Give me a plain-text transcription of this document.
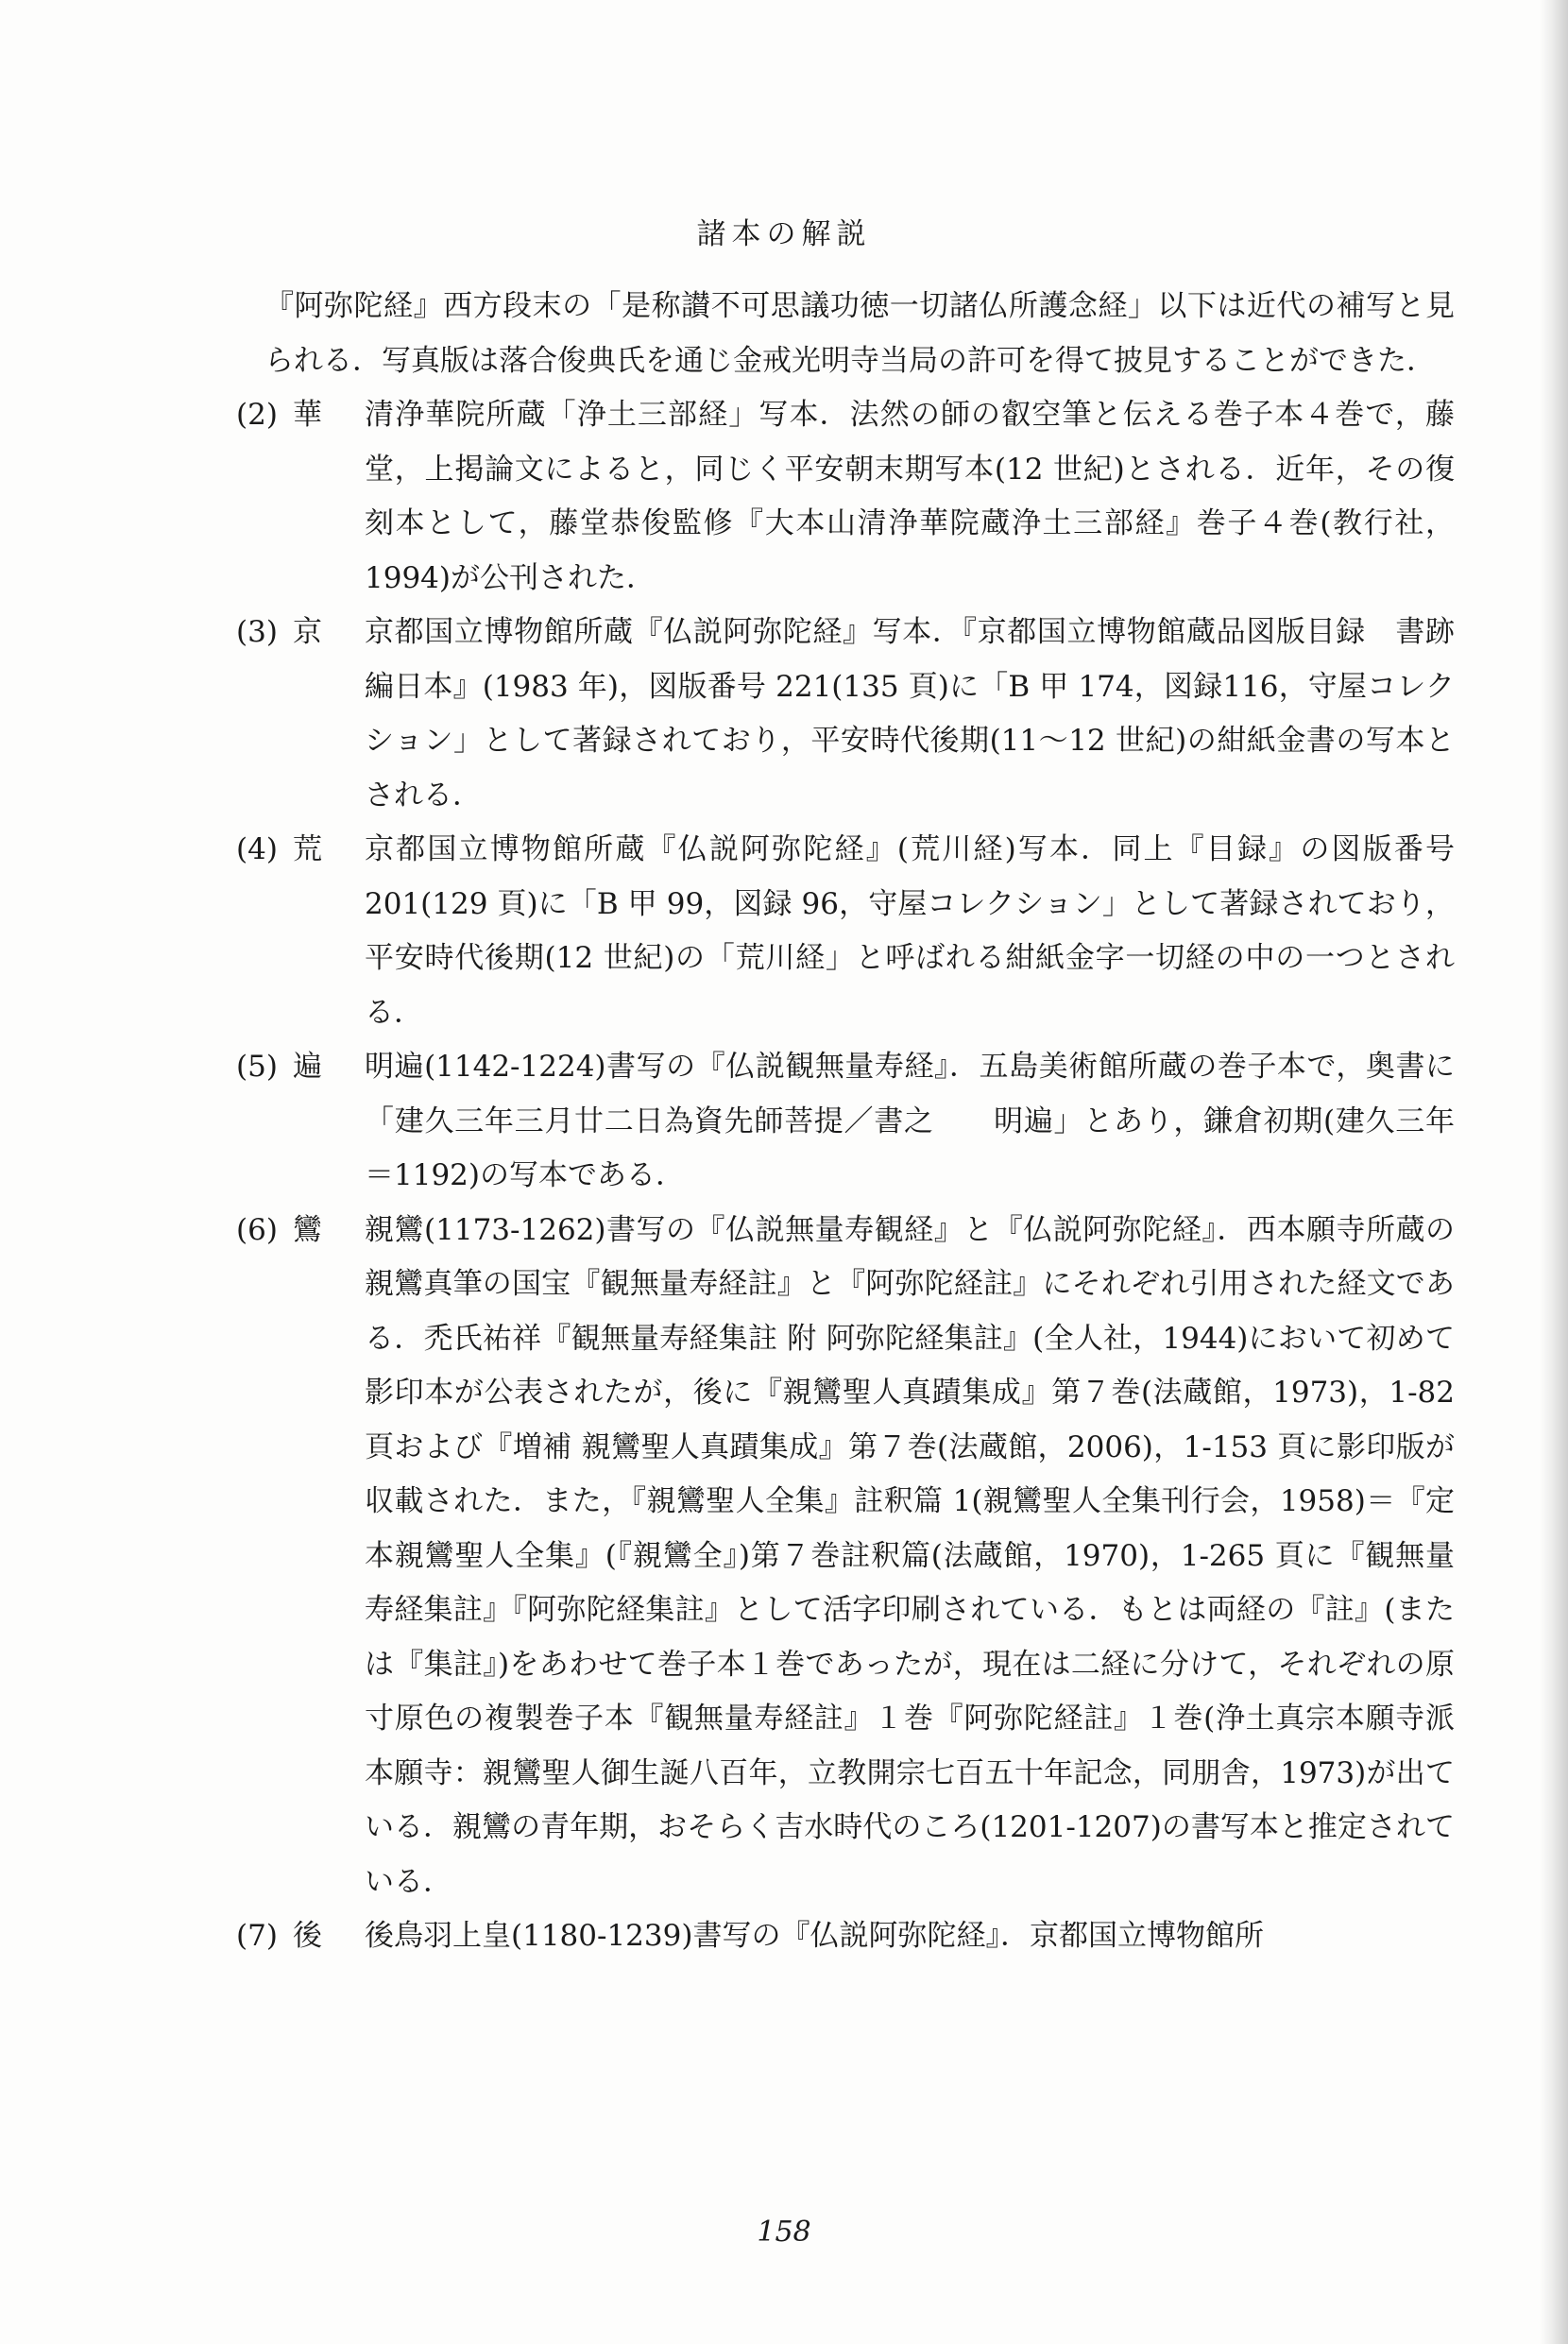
諸本の解説

『阿弥陀経』西方段末の「是称讃不可思議功徳一切諸仏所護念経」以下は近代の補写と見られる．写真版は落合俊典氏を通じ金戒光明寺当局の許可を得て披見することができた．

(2) 華	清浄華院所蔵「浄土三部経」写本．法然の師の叡空筆と伝える巻子本４巻で，藤堂，上掲論文によると，同じく平安朝末期写本(12 世紀)とされる．近年，その復刻本として，藤堂恭俊監修『大本山清浄華院蔵浄土三部経』巻子４巻(教行社，1994)が公刊された．
(3) 京	京都国立博物館所蔵『仏説阿弥陀経』写本．『京都国立博物館蔵品図版目録　書跡編日本』(1983 年)，図版番号 221(135 頁)に「B 甲 174，図録116，守屋コレクション」として著録されており，平安時代後期(11〜12 世紀)の紺紙金書の写本とされる．
(4) 荒	京都国立博物館所蔵『仏説阿弥陀経』(荒川経)写本．同上『目録』の図版番号 201(129 頁)に「B 甲 99，図録 96，守屋コレクション」として著録されており，平安時代後期(12 世紀)の「荒川経」と呼ばれる紺紙金字一切経の中の一つとされる．
(5) 遍	明遍(1142-1224)書写の『仏説観無量寿経』．五島美術館所蔵の巻子本で，奥書に「建久三年三月廿二日為資先師菩提／書之　　明遍」とあり，鎌倉初期(建久三年＝1192)の写本である．
(6) 鸞	親鸞(1173-1262)書写の『仏説無量寿観経』と『仏説阿弥陀経』．西本願寺所蔵の親鸞真筆の国宝『観無量寿経註』と『阿弥陀経註』にそれぞれ引用された経文である．禿氏祐祥『観無量寿経集註 附 阿弥陀経集註』(全人社，1944)において初めて影印本が公表されたが，後に『親鸞聖人真蹟集成』第７巻(法蔵館，1973)，1-82 頁および『増補 親鸞聖人真蹟集成』第７巻(法蔵館，2006)，1-153 頁に影印版が収載された．また，『親鸞聖人全集』註釈篇 1(親鸞聖人全集刊行会，1958)＝『定本親鸞聖人全集』(『親鸞全』)第７巻註釈篇(法蔵館，1970)，1-265 頁に『観無量寿経集註』『阿弥陀経集註』として活字印刷されている．もとは両経の『註』(または『集註』)をあわせて巻子本１巻であったが，現在は二経に分けて，それぞれの原寸原色の複製巻子本『観無量寿経註』１巻『阿弥陀経註』１巻(浄土真宗本願寺派本願寺：親鸞聖人御生誕八百年，立教開宗七百五十年記念，同朋舎，1973)が出ている．親鸞の青年期，おそらく吉水時代のころ(1201-1207)の書写本と推定されている．
(7) 後	後鳥羽上皇(1180-1239)書写の『仏説阿弥陀経』．京都国立博物館所
158
